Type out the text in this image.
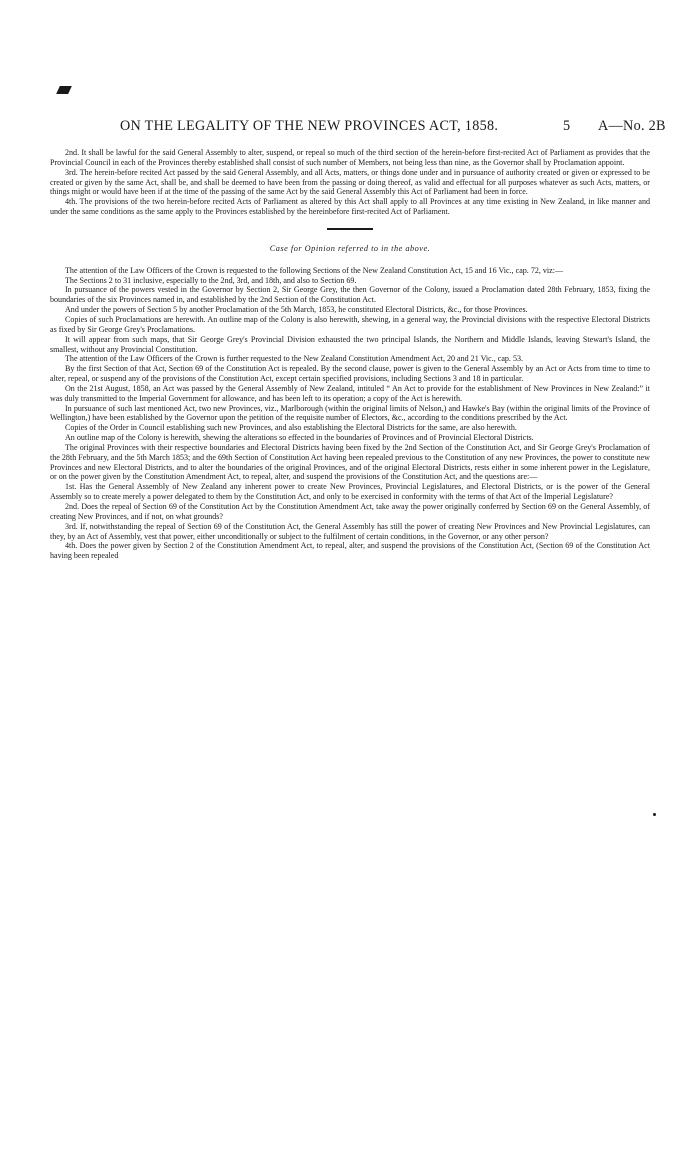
ON THE LEGALITY OF THE NEW PROVINCES ACT, 1858.	5 A—No. 2B

2nd. It shall be lawful for the said General Assembly to alter, suspend, or repeal so much of the third section of the herein-before first-recited Act of Parliament as provides that the Provincial Council in each of the Provinces thereby established shall consist of such number of Members, not being less than nine, as the Governor shall by Proclamation appoint.

3rd. The herein-before recited Act passed by the said General Assembly, and all Acts, matters, or things done under and in pursuance of authority created or given or expressed to be created or given by the same Act, shall be, and shall be deemed to have been from the passing or doing thereof, as valid and effectual for all purposes whatever as such Acts, matters, or things might or would have been if at the time of the passing of the same Act by the said General Assembly this Act of Parliament had been in force.

4th. The provisions of the two herein-before recited Acts of Parliament as altered by this Act shall apply to all Provinces at any time existing in New Zealand, in like manner and under the same conditions as the same apply to the Provinces established by the hereinbefore first-recited Act of Parliament.

Case for Opinion referred to in the above.

The attention of the Law Officers of the Crown is requested to the following Sections of the New Zealand Constitution Act, 15 and 16 Vic., cap. 72, viz:—

The Sections 2 to 31 inclusive, especially to the 2nd, 3rd, and 18th, and also to Section 69.

In pursuance of the powers vested in the Governor by Section 2, Sir George Grey, the then Governor of the Colony, issued a Proclamation dated 28th February, 1853, fixing the boundaries of the six Provinces named in, and established by the 2nd Section of the Constitution Act.

And under the powers of Section 5 by another Proclamation of the 5th March, 1853, he constituted Electoral Districts, &c., for those Provinces.

Copies of such Proclamations are herewith. An outline map of the Colony is also herewith, shewing, in a general way, the Provincial divisions with the respective Electoral Districts as fixed by Sir George Grey's Proclamations.

It will appear from such maps, that Sir George Grey's Provincial Division exhausted the two principal Islands, the Northern and Middle Islands, leaving Stewart's Island, the smallest, without any Provincial Constitution.

The attention of the Law Officers of the Crown is further requested to the New Zealand Constitution Amendment Act, 20 and 21 Vic., cap. 53.

By the first Section of that Act, Section 69 of the Constitution Act is repealed. By the second clause, power is given to the General Assembly by an Act or Acts from time to time to alter, repeal, or suspend any of the provisions of the Constitution Act, except certain specified provisions, including Sections 3 and 18 in particular.

On the 21st August, 1858, an Act was passed by the General Assembly of New Zealand, intituled “ An Act to provide for the establishment of New Provinces in New Zealand:” it was duly transmitted to the Imperial Government for allowance, and has been left to its operation; a copy of the Act is herewith.

In pursuance of such last mentioned Act, two new Provinces, viz., Marlborough (within the original limits of Nelson,) and Hawke's Bay (within the original limits of the Province of Wellington,) have been established by the Governor upon the petition of the requisite number of Electors, &c., according to the conditions prescribed by the Act.

Copies of the Order in Council establishing such new Provinces, and also establishing the Electoral Districts for the same, are also herewith.

An outline map of the Colony is herewith, shewing the alterations so effected in the boundaries of Provinces and of Provincial Electoral Districts.

The original Provinces with their respective boundaries and Electoral Districts having been fixed by the 2nd Section of the Constitution Act, and Sir George Grey's Proclamation of the 28th February, and the 5th March 1853; and the 69th Section of Constitution Act having been repealed previous to the Constitution of any new Provinces, the power to constitute new Provinces and new Electoral Districts, and to alter the boundaries of the original Provinces, and of the original Electoral Districts, rests either in some inherent power in the Legislature, or on the power given by the Constitution Amendment Act, to repeal, alter, and suspend the provisions of the Constitution Act, and the questions are:—

1st. Has the General Assembly of New Zealand any inherent power to create New Provinces, Provincial Legislatures, and Electoral Districts, or is the power of the General Assembly so to create merely a power delegated to them by the Constitution Act, and only to be exercised in conformity with the terms of that Act of the Imperial Legislature?

2nd. Does the repeal of Section 69 of the Constitution Act by the Constitution Amendment Act, take away the power originally conferred by Section 69 on the General Assembly, of creating New Provinces, and if not, on what grounds?

3rd. If, notwithstanding the repeal of Section 69 of the Constitution Act, the General Assembly has still the power of creating New Provinces and New Provincial Legislatures, can they, by an Act of Assembly, vest that power, either unconditionally or subject to the fulfilment of certain conditions, in the Governor, or any other person?

4th. Does the power given by Section 2 of the Constitution Amendment Act, to repeal, alter, and suspend the provisions of the Constitution Act, (Section 69 of the Constitution Act having been repealed
